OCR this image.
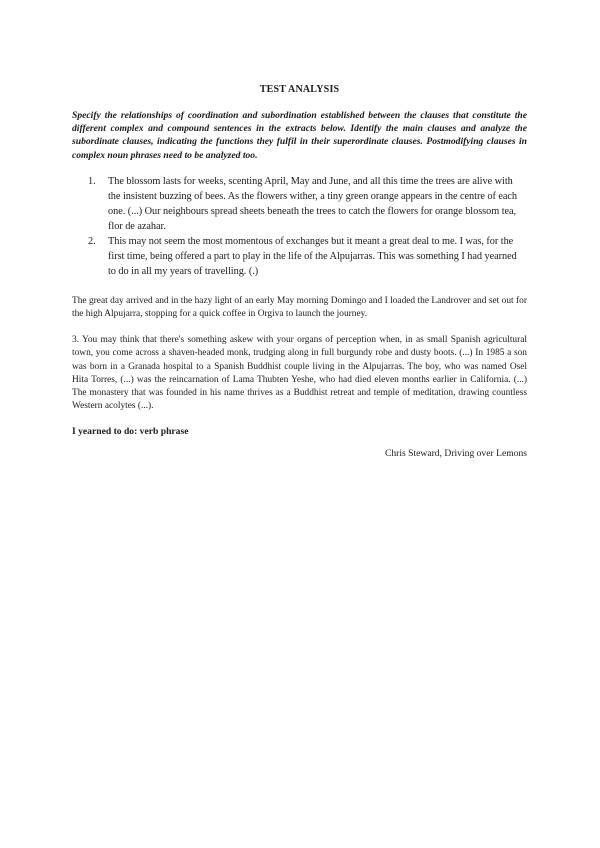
TEST ANALYSIS

Specify the relationships of coordination and subordination established between the clauses that constitute the different complex and compound sentences in the extracts below. Identify the main clauses and analyze the subordinate clauses, indicating the functions they fulfil in their superordinate clauses. Postmodifying clauses in complex noun phrases need to be analyzed too.

1. The blossom lasts for weeks, scenting April, May and June, and all this time the trees are alive with the insistent buzzing of bees. As the flowers wither, a tiny green orange appears in the centre of each one. (...) Our neighbours spread sheets beneath the trees to catch the flowers for orange blossom tea, flor de azahar.
2. This may not seem the most momentous of exchanges but it meant a great deal to me. I was, for the first time, being offered a part to play in the life of the Alpujarras. This was something I had yearned to do in all my years of travelling. (.)

The great day arrived and in the hazy light of an early May morning Domingo and I loaded the Landrover and set out for the high Alpujarra, stopping for a quick coffee in Orgiva to launch the journey.

3. You may think that there's something askew with your organs of perception when, in as small Spanish agricultural town, you come across a shaven-headed monk, trudging along in full burgundy robe and dusty boots. (...) In 1985 a son was born in a Granada hospital to a Spanish Buddhist couple living in the Alpujarras. The boy, who was named Osel Hita Torres, (...) was the reincarnation of Lama Thubten Yeshe, who had died eleven months earlier in California. (...) The monastery that was founded in his name thrives as a Buddhist retreat and temple of meditation, drawing countless Western acolytes (...).

I yearned to do: verb phrase

Chris Steward, Driving over Lemons
